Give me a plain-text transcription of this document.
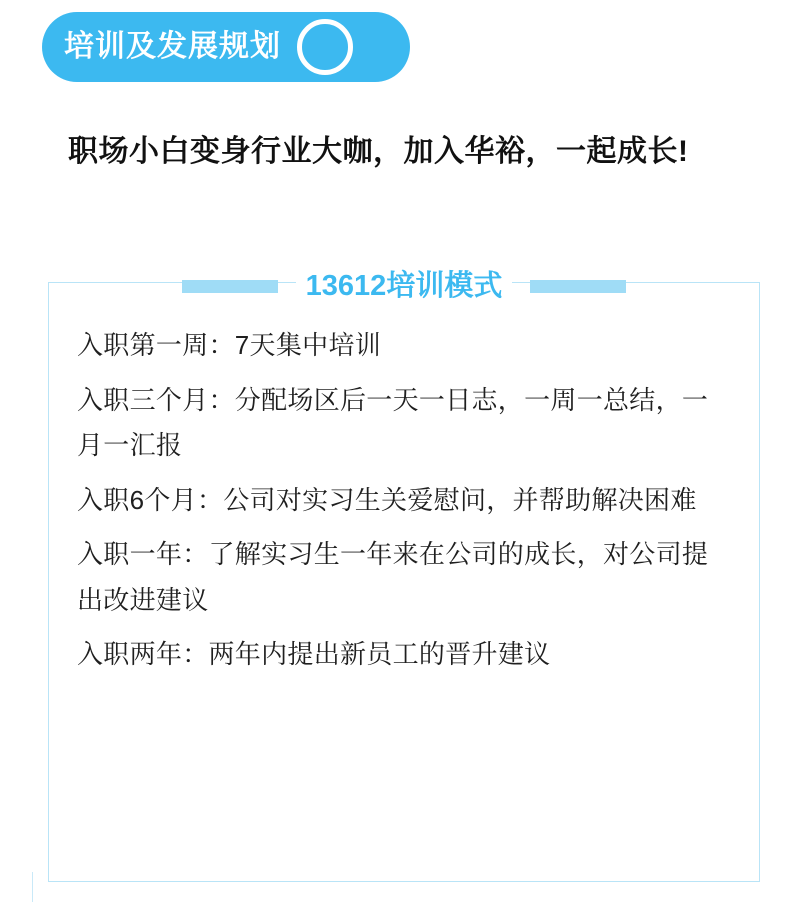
培训及发展规划
职场小白变身行业大咖，加入华裕，一起成长!
入职第一周：7天集中培训
入职三个月：分配场区后一天一日志，一周一总结，一月一汇报
入职6个月：公司对实习生关爱慰问，并帮助解决困难
入职一年：了解实习生一年来在公司的成长，对公司提出改进建议
入职两年：两年内提出新员工的晋升建议
13612培训模式
